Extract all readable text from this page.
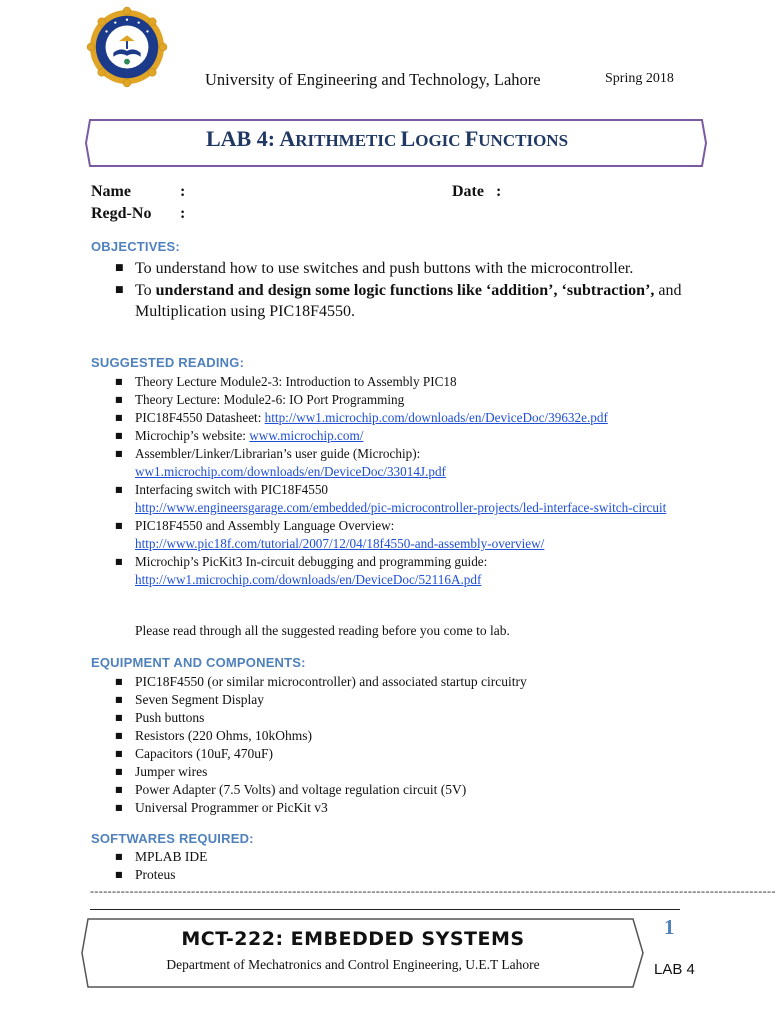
University of Engineering and Technology, Lahore	Spring 2018
LAB 4: ARITHMETIC LOGIC FUNCTIONS
Name	:
Regd-No :
Date :
OBJECTIVES:
■ To understand how to use switches and push buttons with the microcontroller.
■ To understand and design some logic functions like ‘addition’, ‘subtraction’, and Multiplication using PIC18F4550.
SUGGESTED READING:
■ Theory Lecture Module2-3: Introduction to Assembly PIC18
■ Theory Lecture: Module2-6: IO Port Programming
■ PIC18F4550 Datasheet: http://ww1.microchip.com/downloads/en/DeviceDoc/39632e.pdf
■ Microchip’s website: www.microchip.com/
■ Assembler/Linker/Librarian’s user guide (Microchip):
ww1.microchip.com/downloads/en/DeviceDoc/33014J.pdf
■ Interfacing switch with PIC18F4550
http://www.engineersgarage.com/embedded/pic-microcontroller-projects/led-interface-switch-circuit
■ PIC18F4550 and Assembly Language Overview:
http://www.pic18f.com/tutorial/2007/12/04/18f4550-and-assembly-overview/
■ Microchip’s PicKit3 In-circuit debugging and programming guide:
http://ww1.microchip.com/downloads/en/DeviceDoc/52116A.pdf
Please read through all the suggested reading before you come to lab.
EQUIPMENT AND COMPONENTS:
■ PIC18F4550 (or similar microcontroller) and associated startup circuitry
■ Seven Segment Display
■ Push buttons
■ Resistors (220 Ohms, 10kOhms)
■ Capacitors (10uF, 470uF)
■ Jumper wires
■ Power Adapter (7.5 Volts) and voltage regulation circuit (5V)
■ Universal Programmer or PicKit v3
SOFTWARES REQUIRED:
■ MPLAB IDE
■ Proteus
------------------------------------------------------------------------------------------------------------------------------------------------------------
MCT-222: EMBEDDED SYSTEMS
Department of Mechatronics and Control Engineering, U.E.T Lahore
1
LAB 4
